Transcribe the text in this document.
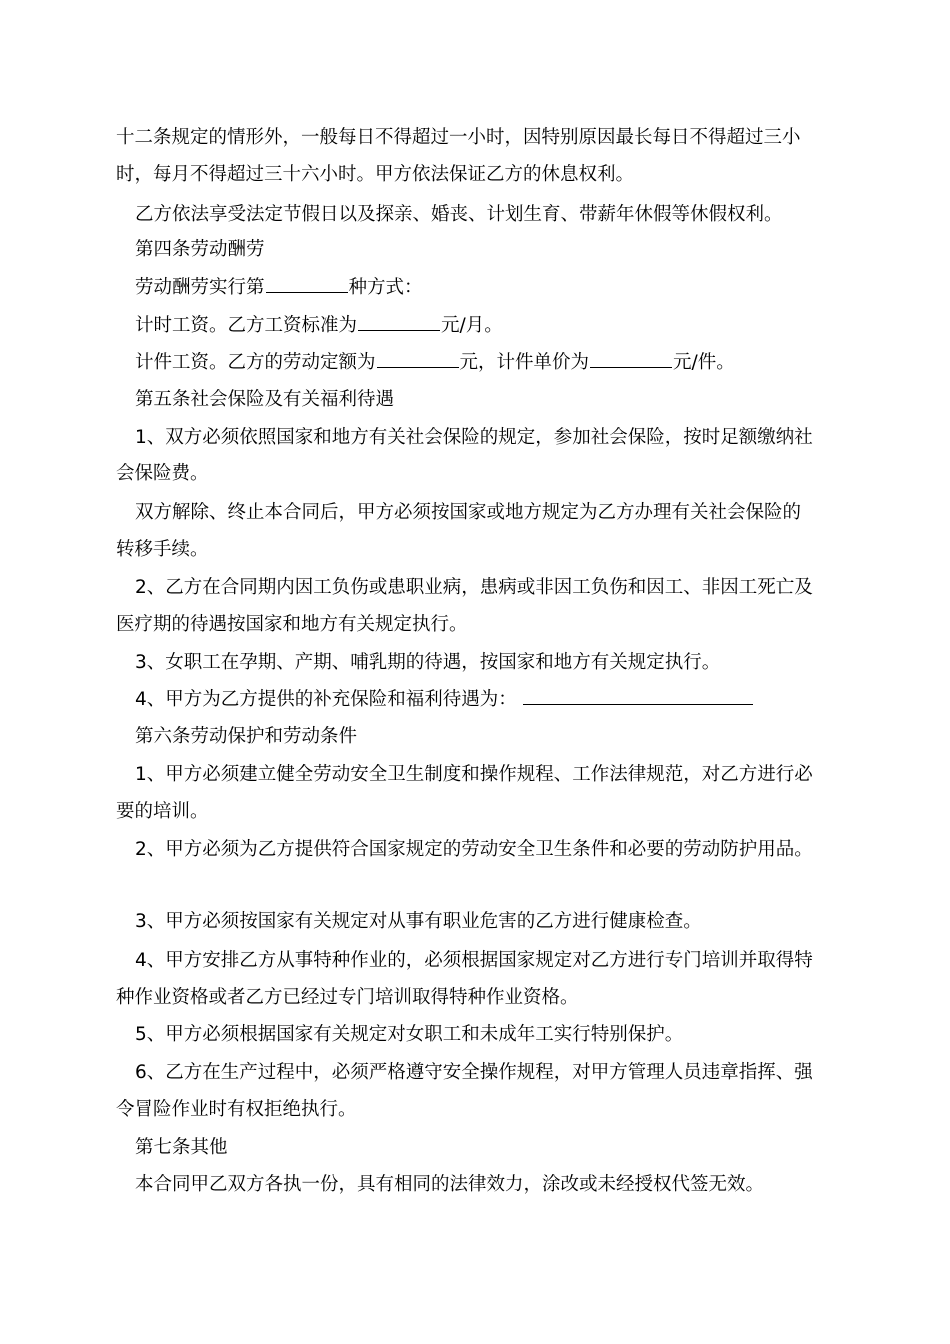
十二条规定的情形外，一般每日不得超过一小时，因特别原因最长每日不得超过三小
时，每月不得超过三十六小时。甲方依法保证乙方的休息权利。
乙方依法享受法定节假日以及探亲、婚丧、计划生育、带薪年休假等休假权利。
第四条劳动酬劳
劳动酬劳实行第	种方式：
计时工资。乙方工资标准为	元/月。
计件工资。乙方的劳动定额为	元，计件单价为	元/件。
第五条社会保险及有关福利待遇
1、双方必须依照国家和地方有关社会保险的规定，参加社会保险，按时足额缴纳社
会保险费。
双方解除、终止本合同后，甲方必须按国家或地方规定为乙方办理有关社会保险的
转移手续。
2、乙方在合同期内因工负伤或患职业病，患病或非因工负伤和因工、非因工死亡及
医疗期的待遇按国家和地方有关规定执行。
3、女职工在孕期、产期、哺乳期的待遇，按国家和地方有关规定执行。
4、甲方为乙方提供的补充保险和福利待遇为：
第六条劳动保护和劳动条件
1、甲方必须建立健全劳动安全卫生制度和操作规程、工作法律规范，对乙方进行必
要的培训。
2、甲方必须为乙方提供符合国家规定的劳动安全卫生条件和必要的劳动防护用品。
3、甲方必须按国家有关规定对从事有职业危害的乙方进行健康检查。
4、甲方安排乙方从事特种作业的，必须根据国家规定对乙方进行专门培训并取得特
种作业资格或者乙方已经过专门培训取得特种作业资格。
5、甲方必须根据国家有关规定对女职工和未成年工实行特别保护。
6、乙方在生产过程中，必须严格遵守安全操作规程，对甲方管理人员违章指挥、强
令冒险作业时有权拒绝执行。
第七条其他
本合同甲乙双方各执一份，具有相同的法律效力，涂改或未经授权代签无效。
